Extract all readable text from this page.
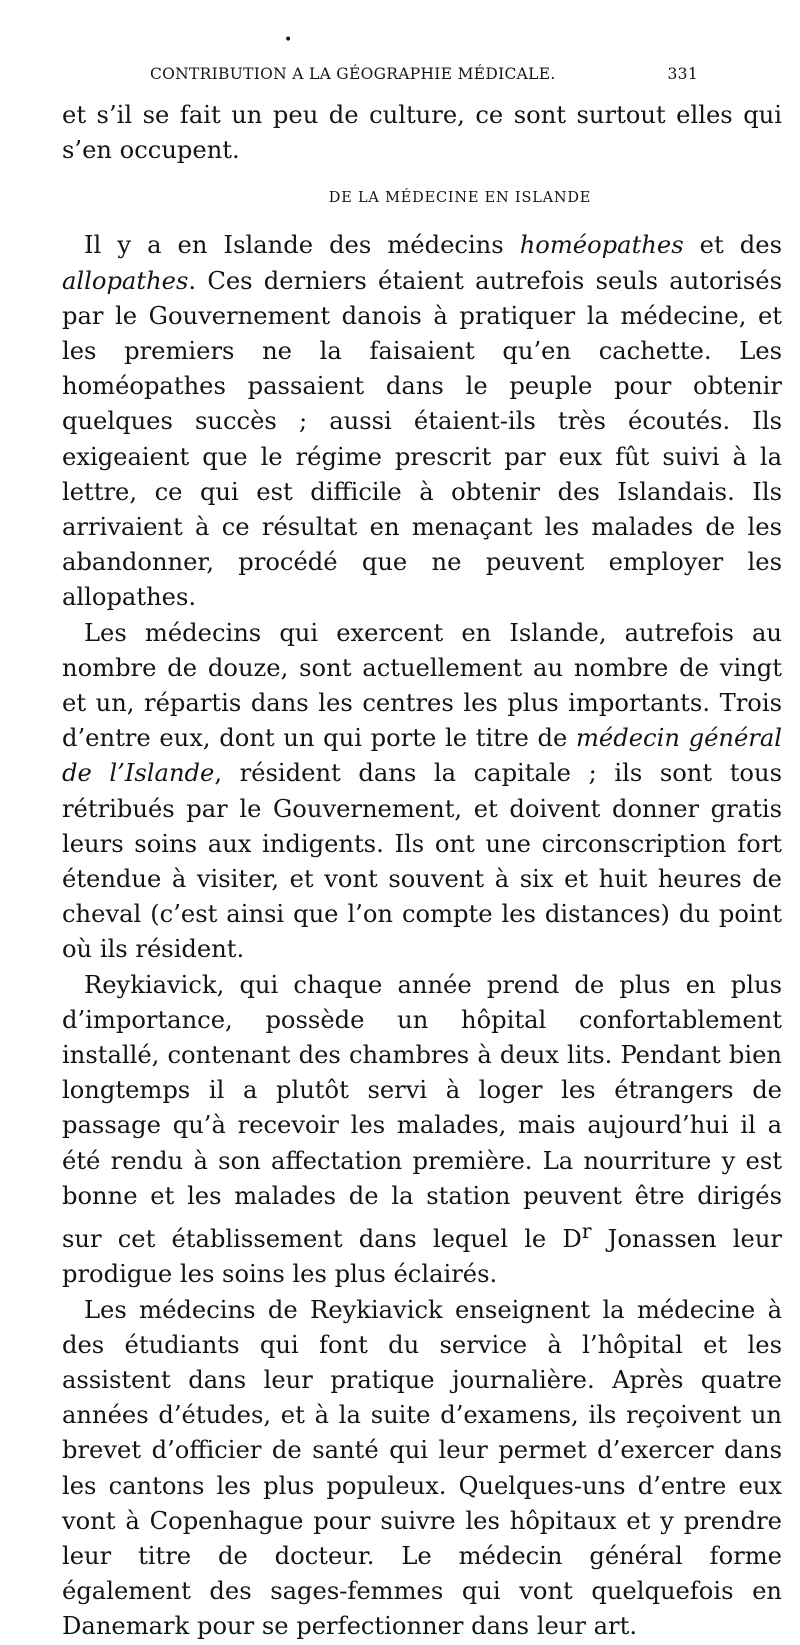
•
CONTRIBUTION A LA GÉOGRAPHIE MÉDICALE.	331

et s’il se fait un peu de culture, ce sont surtout elles qui s’en occupent.

DE LA MÉDECINE EN ISLANDE

Il y a en Islande des médecins homéopathes et des allopathes. Ces derniers étaient autrefois seuls autorisés par le Gouvernement danois à pratiquer la médecine, et les premiers ne la faisaient qu’en cachette. Les homéopathes passaient dans le peuple pour obtenir quelques succès ; aussi étaient-ils très écoutés. Ils exigeaient que le régime prescrit par eux fût suivi à la lettre, ce qui est difficile à obtenir des Islandais. Ils arrivaient à ce résultat en menaçant les malades de les abandonner, procédé que ne peuvent employer les allopathes.

Les médecins qui exercent en Islande, autrefois au nombre de douze, sont actuellement au nombre de vingt et un, répartis dans les centres les plus importants. Trois d’entre eux, dont un qui porte le titre de médecin général de l’Islande, résident dans la capitale ; ils sont tous rétribués par le Gouvernement, et doivent donner gratis leurs soins aux indigents. Ils ont une circonscription fort étendue à visiter, et vont souvent à six et huit heures de cheval (c’est ainsi que l’on compte les distances) du point où ils résident.

Reykiavick, qui chaque année prend de plus en plus d’importance, possède un hôpital confortablement installé, contenant des chambres à deux lits. Pendant bien longtemps il a plutôt servi à loger les étrangers de passage qu’à recevoir les malades, mais aujourd’hui il a été rendu à son affectation première. La nourriture y est bonne et les malades de la station peuvent être dirigés sur cet établissement dans lequel le $D^r$ Jonassen leur prodigue les soins les plus éclairés.

Les médecins de Reykiavick enseignent la médecine à des étudiants qui font du service à l’hôpital et les assistent dans leur pratique journalière. Après quatre années d’études, et à la suite d’examens, ils reçoivent un brevet d’officier de santé qui leur permet d’exercer dans les cantons les plus populeux. Quelques-uns d’entre eux vont à Copenhague pour suivre les hôpitaux et y prendre leur titre de docteur. Le médecin général forme également des sages-femmes qui vont quelquefois en Danemark pour se perfectionner dans leur art.
